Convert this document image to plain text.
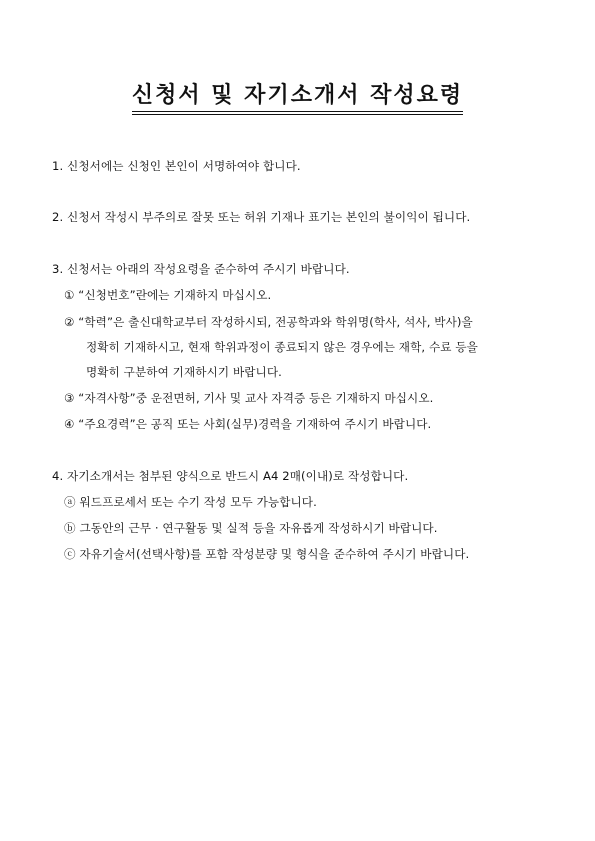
신청서 및 자기소개서 작성요령
1. 신청서에는 신청인 본인이 서명하여야 합니다.
2. 신청서 작성시 부주의로 잘못 또는 허위 기재나 표기는 본인의 불이익이 됩니다.
3. 신청서는 아래의 작성요령을 준수하여 주시기 바랍니다.
① “신청번호”란에는 기재하지 마십시오.
② “학력”은 출신대학교부터 작성하시되, 전공학과와 학위명(학사, 석사, 박사)을
정확히 기재하시고, 현재 학위과정이 종료되지 않은 경우에는 재학, 수료 등을
명확히 구분하여 기재하시기 바랍니다.
③ “자격사항”중 운전면허, 기사 및 교사 자격증 등은 기재하지 마십시오.
④ “주요경력”은 공직 또는 사회(실무)경력을 기재하여 주시기 바랍니다.
4. 자기소개서는 첨부된 양식으로 반드시 A4 2매(이내)로 작성합니다.
ⓐ 워드프로세서 또는 수기 작성 모두 가능합니다.
ⓑ 그동안의 근무 · 연구활동 및 실적 등을 자유롭게 작성하시기 바랍니다.
ⓒ 자유기술서(선택사항)를 포함 작성분량 및 형식을 준수하여 주시기 바랍니다.
